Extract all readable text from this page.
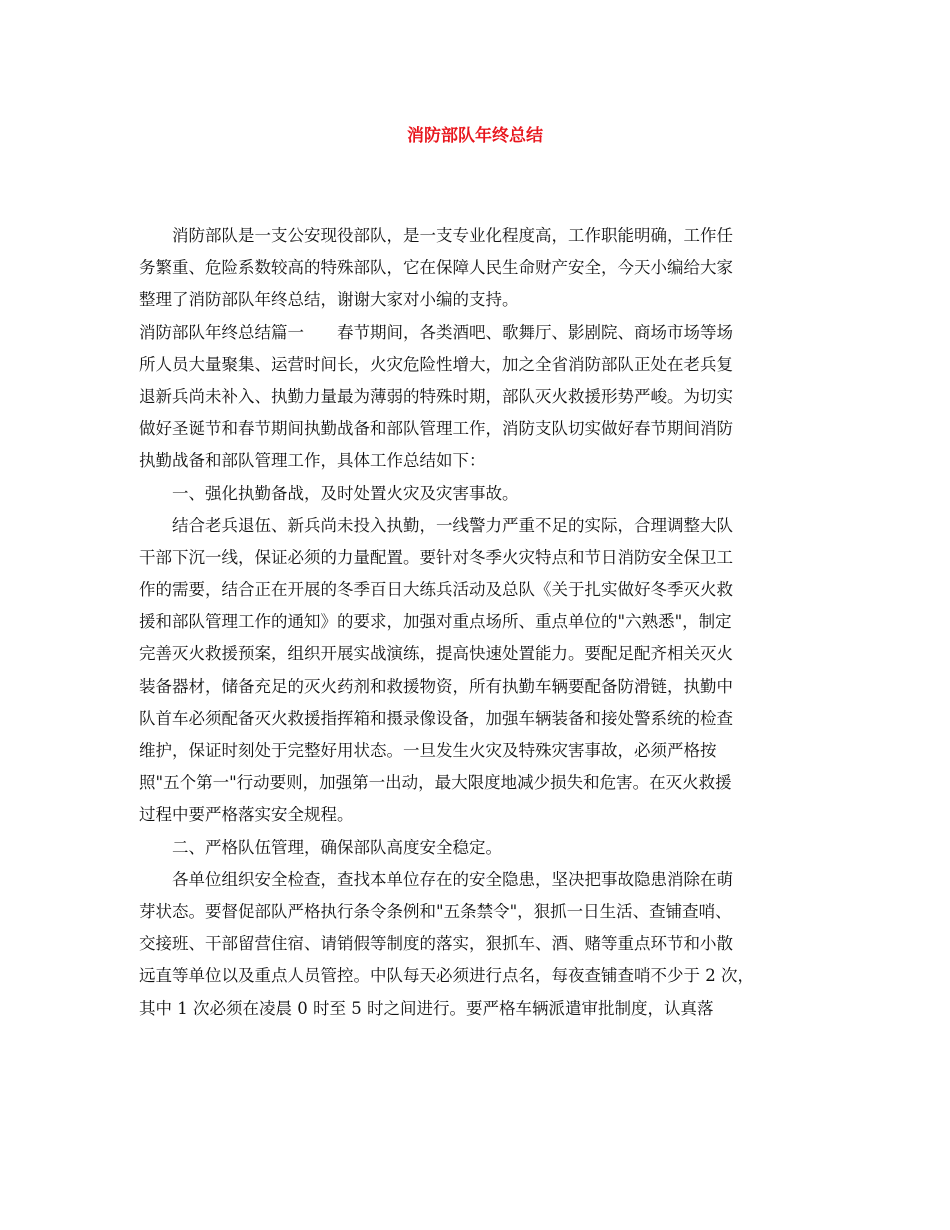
消防部队年终总结
消防部队是一支公安现役部队，是一支专业化程度高，工作职能明确，工作任
务繁重、危险系数较高的特殊部队，它在保障人民生命财产安全，今天小编给大家
整理了消防部队年终总结，谢谢大家对小编的支持。
消防部队年终总结篇一　　春节期间，各类酒吧、歌舞厅、影剧院、商场市场等场
所人员大量聚集、运营时间长，火灾危险性增大，加之全省消防部队正处在老兵复
退新兵尚未补入、执勤力量最为薄弱的特殊时期，部队灭火救援形势严峻。为切实
做好圣诞节和春节期间执勤战备和部队管理工作，消防支队切实做好春节期间消防
执勤战备和部队管理工作，具体工作总结如下：
一、强化执勤备战，及时处置火灾及灾害事故。
结合老兵退伍、新兵尚未投入执勤，一线警力严重不足的实际，合理调整大队
干部下沉一线，保证必须的力量配置。要针对冬季火灾特点和节日消防安全保卫工
作的需要，结合正在开展的冬季百日大练兵活动及总队《关于扎实做好冬季灭火救
援和部队管理工作的通知》的要求，加强对重点场所、重点单位的"六熟悉"，制定
完善灭火救援预案，组织开展实战演练，提高快速处置能力。要配足配齐相关灭火
装备器材，储备充足的灭火药剂和救援物资，所有执勤车辆要配备防滑链，执勤中
队首车必须配备灭火救援指挥箱和摄录像设备，加强车辆装备和接处警系统的检查
维护，保证时刻处于完整好用状态。一旦发生火灾及特殊灾害事故，必须严格按
照"五个第一"行动要则，加强第一出动，最大限度地减少损失和危害。在灭火救援
过程中要严格落实安全规程。
二、严格队伍管理，确保部队高度安全稳定。
各单位组织安全检查，查找本单位存在的安全隐患，坚决把事故隐患消除在萌
芽状态。要督促部队严格执行条令条例和"五条禁令"，狠抓一日生活、查铺查哨、
交接班、干部留营住宿、请销假等制度的落实，狠抓车、酒、赌等重点环节和小散
远直等单位以及重点人员管控。中队每天必须进行点名，每夜查铺查哨不少于 2 次，
其中 1 次必须在凌晨 0 时至 5 时之间进行。要严格车辆派遣审批制度，认真落
